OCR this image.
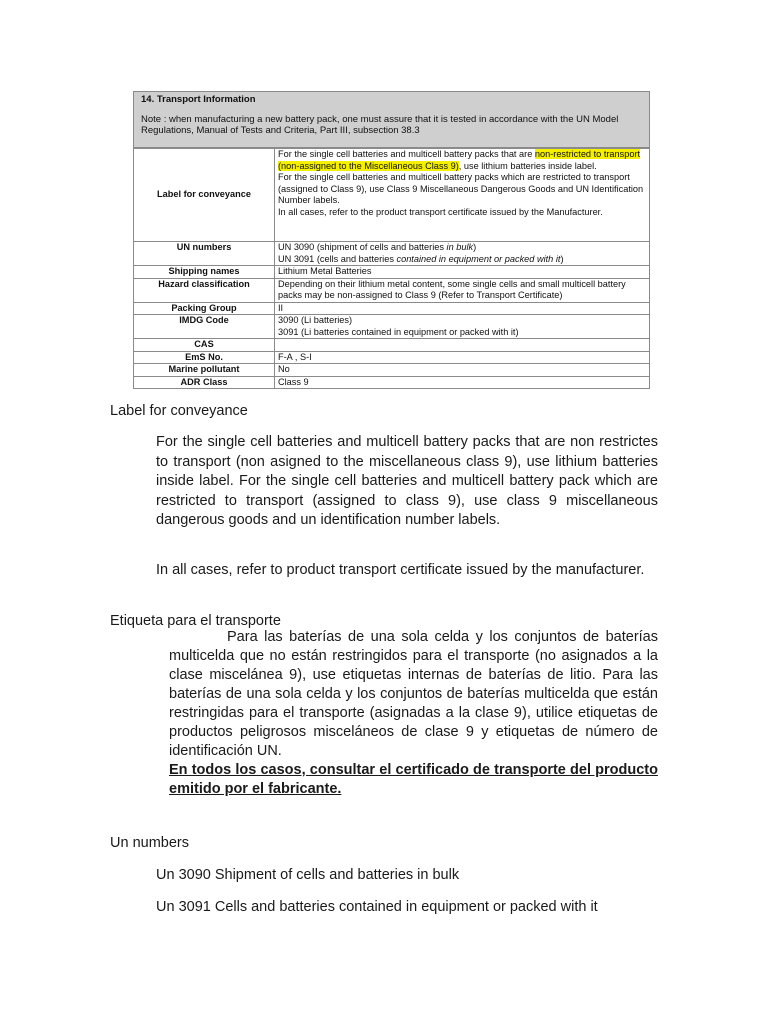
14. Transport Information
Note : when manufacturing a new battery pack, one must assure that it is tested in accordance with the UN Model Regulations, Manual of Tests and Criteria, Part III, subsection 38.3
Label for conveyance	For the single cell batteries and multicell battery packs that are non-restricted to transport (non-assigned to the Miscellaneous Class 9), use lithium batteries inside label.
For the single cell batteries and multicell battery packs which are restricted to transport (assigned to Class 9), use Class 9 Miscellaneous Dangerous Goods and UN Identification Number labels.
In all cases, refer to the product transport certificate issued by the Manufacturer.
UN numbers	UN 3090 (shipment of cells and batteries in bulk)
UN 3091 (cells and batteries contained in equipment or packed with it)
Shipping names	Lithium Metal Batteries
Hazard classification	Depending on their lithium metal content, some single cells and small multicell battery packs may be non-assigned to Class 9 (Refer to Transport Certificate)
Packing Group	II
IMDG Code	3090 (Li batteries)
3091 (Li batteries contained in equipment or packed with it)
CAS	
EmS No.	F-A , S-I
Marine pollutant	No
ADR Class	Class 9
Label for conveyance
For the single cell batteries and multicell battery packs that are non restrictes to transport (non asigned to the miscellaneous class 9), use lithium batteries inside label. For the single cell batteries and multicell battery pack which are restricted to transport (assigned to class 9), use class 9 miscellaneous dangerous goods and un identification number labels.
In all cases, refer to product transport certificate issued by the manufacturer.
Etiqueta para el transporte
Para las baterías de una sola celda y los conjuntos de baterías multicelda que no están restringidos para el transporte (no asignados a la clase miscelánea 9), use etiquetas internas de baterías de litio. Para las baterías de una sola celda y los conjuntos de baterías multicelda que están restringidas para el transporte (asignadas a la clase 9), utilice etiquetas de productos peligrosos misceláneos de clase 9 y etiquetas de número de identificación UN.
En todos los casos, consultar el certificado de transporte del producto emitido por el fabricante.
Un numbers
Un 3090 Shipment of cells and batteries in bulk
Un 3091 Cells and batteries contained in equipment or packed with it
